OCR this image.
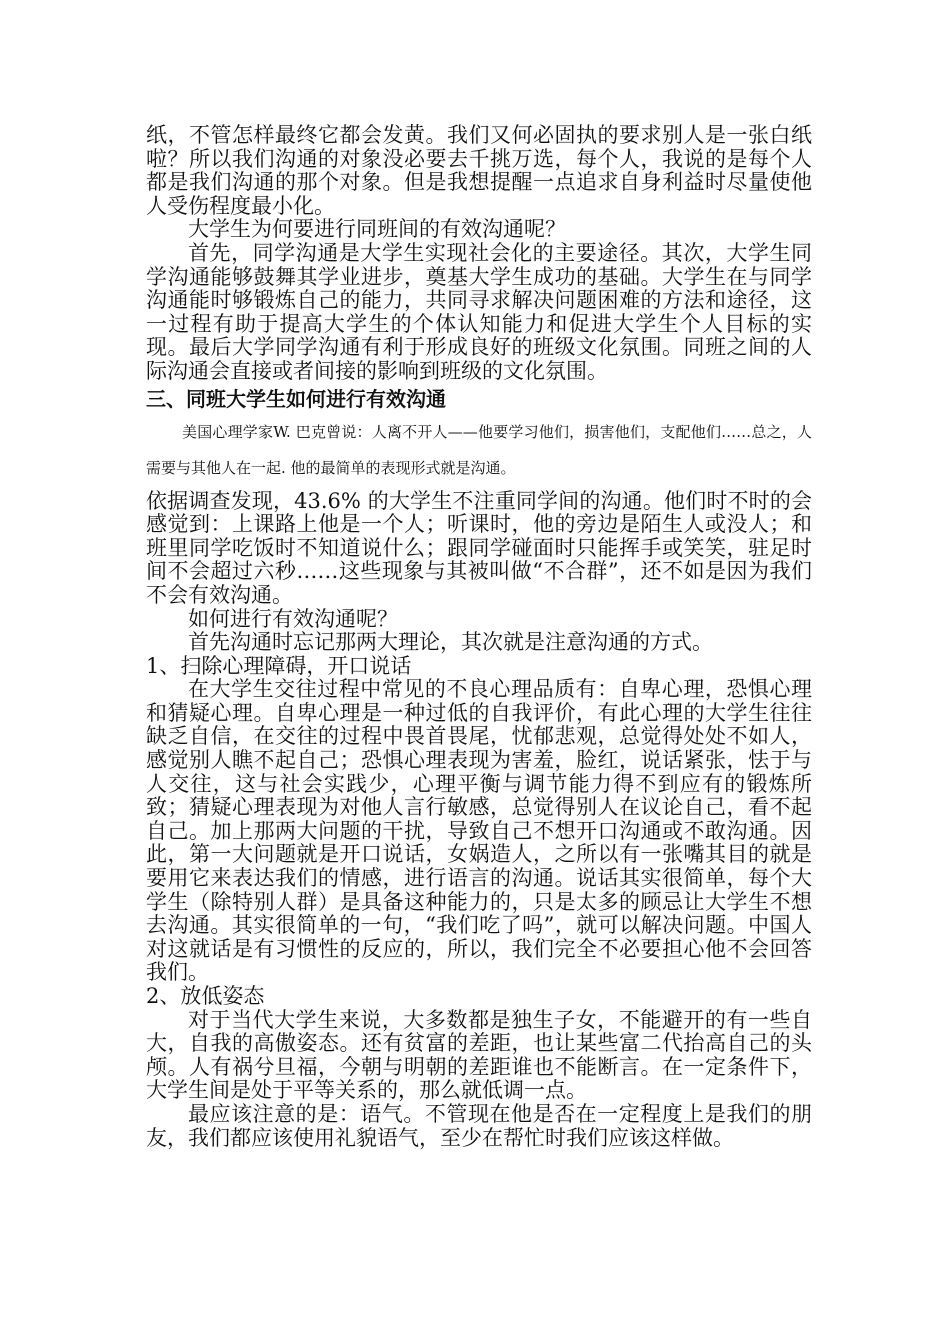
纸，不管怎样最终它都会发黄。我们又何必固执的要求别人是一张白纸啦？所以我们沟通的对象没必要去千挑万选，每个人，我说的是每个人都是我们沟通的那个对象。但是我想提醒一点追求自身利益时尽量使他人受伤程度最小化。

大学生为何要进行同班间的有效沟通呢？

首先，同学沟通是大学生实现社会化的主要途径。其次，大学生同学沟通能够鼓舞其学业进步，奠基大学生成功的基础。大学生在与同学沟通能时够锻炼自己的能力，共同寻求解决问题困难的方法和途径，这一过程有助于提高大学生的个体认知能力和促进大学生个人目标的实现。最后大学同学沟通有利于形成良好的班级文化氛围。同班之间的人际沟通会直接或者间接的影响到班级的文化氛围。

三、同班大学生如何进行有效沟通

美国心理学家W. 巴克曾说：人离不开人——他要学习他们，损害他们，支配他们……总之，人需要与其他人在一起. 他的最简单的表现形式就是沟通。

依据调查发现，43.6% 的大学生不注重同学间的沟通。他们时不时的会感觉到：上课路上他是一个人；听课时，他的旁边是陌生人或没人；和班里同学吃饭时不知道说什么；跟同学碰面时只能挥手或笑笑，驻足时间不会超过六秒……这些现象与其被叫做“不合群”，还不如是因为我们不会有效沟通。

如何进行有效沟通呢？

首先沟通时忘记那两大理论，其次就是注意沟通的方式。

1、扫除心理障碍，开口说话

在大学生交往过程中常见的不良心理品质有：自卑心理，恐惧心理和猜疑心理。自卑心理是一种过低的自我评价，有此心理的大学生往往缺乏自信，在交往的过程中畏首畏尾，忧郁悲观，总觉得处处不如人，感觉别人瞧不起自己；恐惧心理表现为害羞，脸红，说话紧张，怯于与人交往，这与社会实践少，心理平衡与调节能力得不到应有的锻炼所致；猜疑心理表现为对他人言行敏感，总觉得别人在议论自己，看不起自己。加上那两大问题的干扰，导致自己不想开口沟通或不敢沟通。因此，第一大问题就是开口说话，女娲造人，之所以有一张嘴其目的就是要用它来表达我们的情感，进行语言的沟通。说话其实很简单，每个大学生（除特别人群）是具备这种能力的，只是太多的顾忌让大学生不想去沟通。其实很简单的一句，“我们吃了吗”，就可以解决问题。中国人对这就话是有习惯性的反应的，所以，我们完全不必要担心他不会回答我们。

2、放低姿态

对于当代大学生来说，大多数都是独生子女，不能避开的有一些自大，自我的高傲姿态。还有贫富的差距，也让某些富二代抬高自己的头颅。人有祸兮旦福，今朝与明朝的差距谁也不能断言。在一定条件下，大学生间是处于平等关系的，那么就低调一点。

最应该注意的是：语气。不管现在他是否在一定程度上是我们的朋友，我们都应该使用礼貌语气，至少在帮忙时我们应该这样做。
